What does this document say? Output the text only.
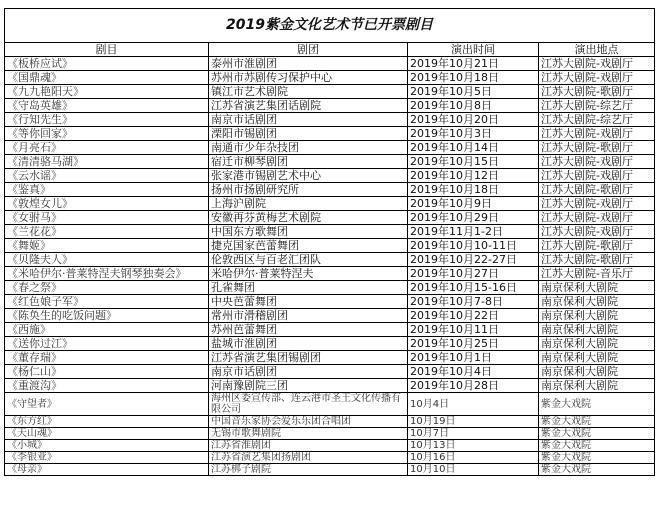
2019紫金文化艺术节已开票剧目			
剧目	剧团	演出时间	演出地点
《板桥应试》	泰州市淮剧团	2019年10月21日	江苏大剧院-戏剧厅
《国鼎魂》	苏州市苏剧传习保护中心	2019年10月18日	江苏大剧院-戏剧厅
《九九艳阳天》	镇江市艺术剧院	2019年10月5日	江苏大剧院-歌剧厅
《守岛英雄》	江苏省演艺集团话剧院	2019年10月8日	江苏大剧院-综艺厅
《行知先生》	南京市话剧团	2019年10月20日	江苏大剧院-综艺厅
《等你回家》	溧阳市锡剧团	2019年10月3日	江苏大剧院-戏剧厅
《月亮石》	南通市少年杂技团	2019年10月14日	江苏大剧院-歌剧厅
《清清骆马湖》	宿迁市柳琴剧团	2019年10月15日	江苏大剧院-戏剧厅
《云水谣》	张家港市锡剧艺术中心	2019年10月12日	江苏大剧院-戏剧厅
《鉴真》	扬州市扬剧研究所	2019年10月18日	江苏大剧院-歌剧厅
《敦煌女儿》	上海沪剧院	2019年10月9日	江苏大剧院-戏剧厅
《女驸马》	安徽再芬黄梅艺术剧院	2019年10月29日	江苏大剧院-戏剧厅
《兰花花》	中国东方歌舞团	2019年11月1-2日	江苏大剧院-戏剧厅
《舞姬》	捷克国家芭蕾舞团	2019年10月10-11日	江苏大剧院-歌剧厅
《贝隆夫人》	伦敦西区与百老汇团队	2019年10月22-27日	江苏大剧院-歌剧厅
《米哈伊尔·普莱特涅夫钢琴独奏会》	米哈伊尔·普莱特涅夫	2019年10月27日	江苏大剧院-音乐厅
《春之祭》	孔雀舞团	2019年10月15-16日	南京保利大剧院
《红色娘子军》	中央芭蕾舞团	2019年10月7-8日	南京保利大剧院
《陈奂生的吃饭问题》	常州市滑稽剧团	2019年10月22日	南京保利大剧院
《西施》	苏州芭蕾舞团	2019年10月11日	南京保利大剧院
《送你过江》	盐城市淮剧团	2019年10月25日	南京保利大剧院
《董存瑞》	江苏省演艺集团锡剧团	2019年10月1日	南京保利大剧院
《杨仁山》	南京市话剧团	2019年10月4日	南京保利大剧院
《重渡沟》	河南豫剧院三团	2019年10月28日	南京保利大剧院
《守望者》	海州区委宣传部、连云港市圣王文化传播有限公司	10月4日	紫金大戏院
《东方红》	中国音乐家协会爱乐乐团合唱团	10月19日	紫金大戏院
《天山魂》	无锡市歌舞剧院	10月7日	紫金大戏院
《小城》	江苏省淮剧团	10月13日	紫金大戏院
《李银亚》	江苏省演艺集团扬剧团	10月16日	紫金大戏院
《母亲》	江苏梆子剧院	10月10日	紫金大戏院
